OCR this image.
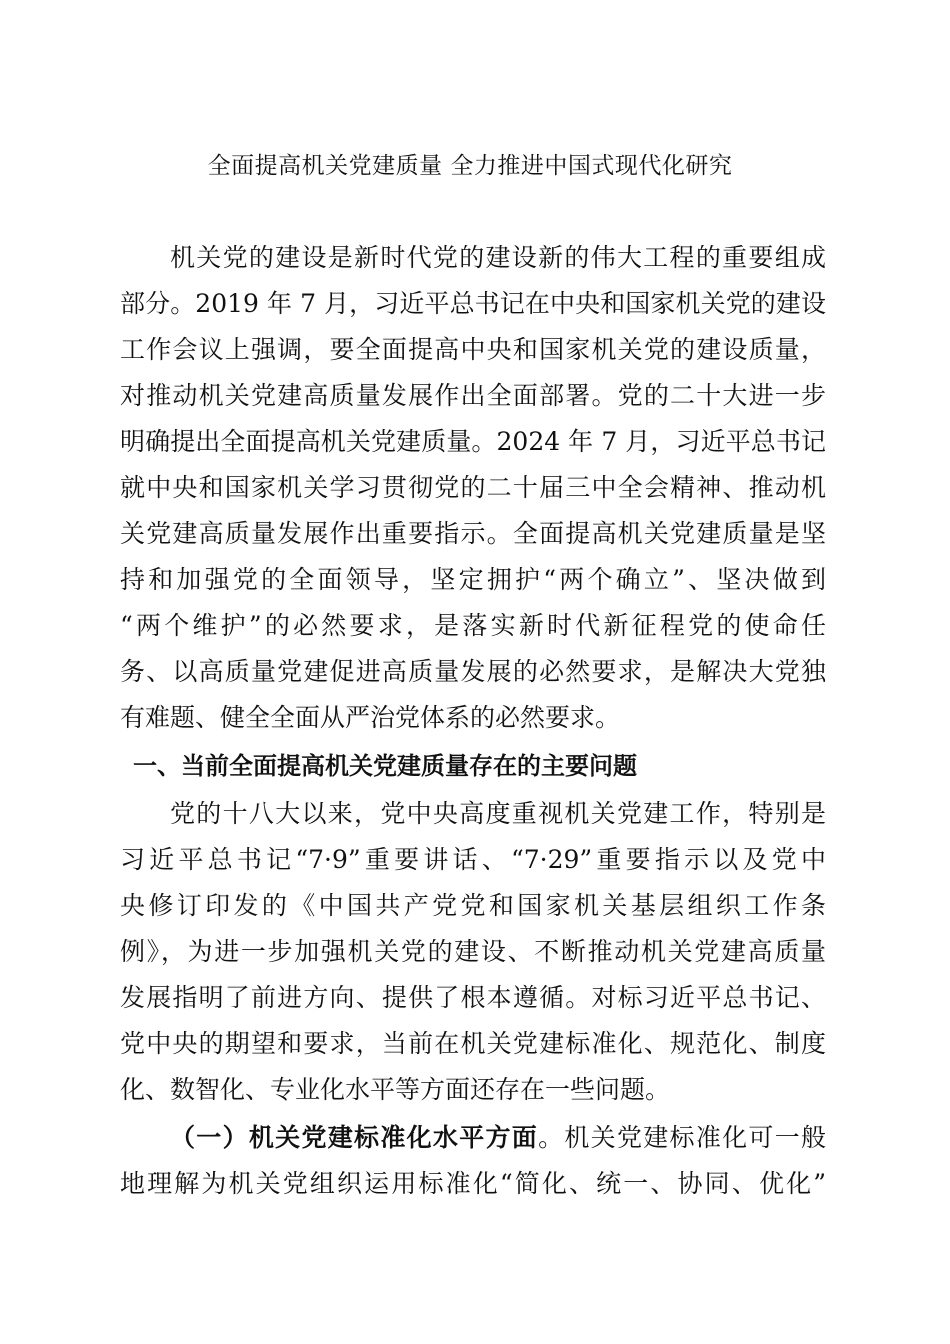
全面提高机关党建质量 全力推进中国式现代化研究
机关党的建设是新时代党的建设新的伟大工程的重要组成
部分。2019 年 7 月，习近平总书记在中央和国家机关党的建设
工作会议上强调，要全面提高中央和国家机关党的建设质量，
对推动机关党建高质量发展作出全面部署。党的二十大进一步
明确提出全面提高机关党建质量。2024 年 7 月，习近平总书记
就中央和国家机关学习贯彻党的二十届三中全会精神、推动机
关党建高质量发展作出重要指示。全面提高机关党建质量是坚
持和加强党的全面领导，坚定拥护“两个确立”、坚决做到
“两个维护”的必然要求，是落实新时代新征程党的使命任
务、以高质量党建促进高质量发展的必然要求，是解决大党独
有难题、健全全面从严治党体系的必然要求。
一、当前全面提高机关党建质量存在的主要问题
党的十八大以来，党中央高度重视机关党建工作，特别是
习近平总书记“7·9”重要讲话、“7·29”重要指示以及党中
央修订印发的《中国共产党党和国家机关基层组织工作条
例》，为进一步加强机关党的建设、不断推动机关党建高质量
发展指明了前进方向、提供了根本遵循。对标习近平总书记、
党中央的期望和要求，当前在机关党建标准化、规范化、制度
化、数智化、专业化水平等方面还存在一些问题。
（一）机关党建标准化水平方面。机关党建标准化可一般
地理解为机关党组织运用标准化“简化、统一、协同、优化”
